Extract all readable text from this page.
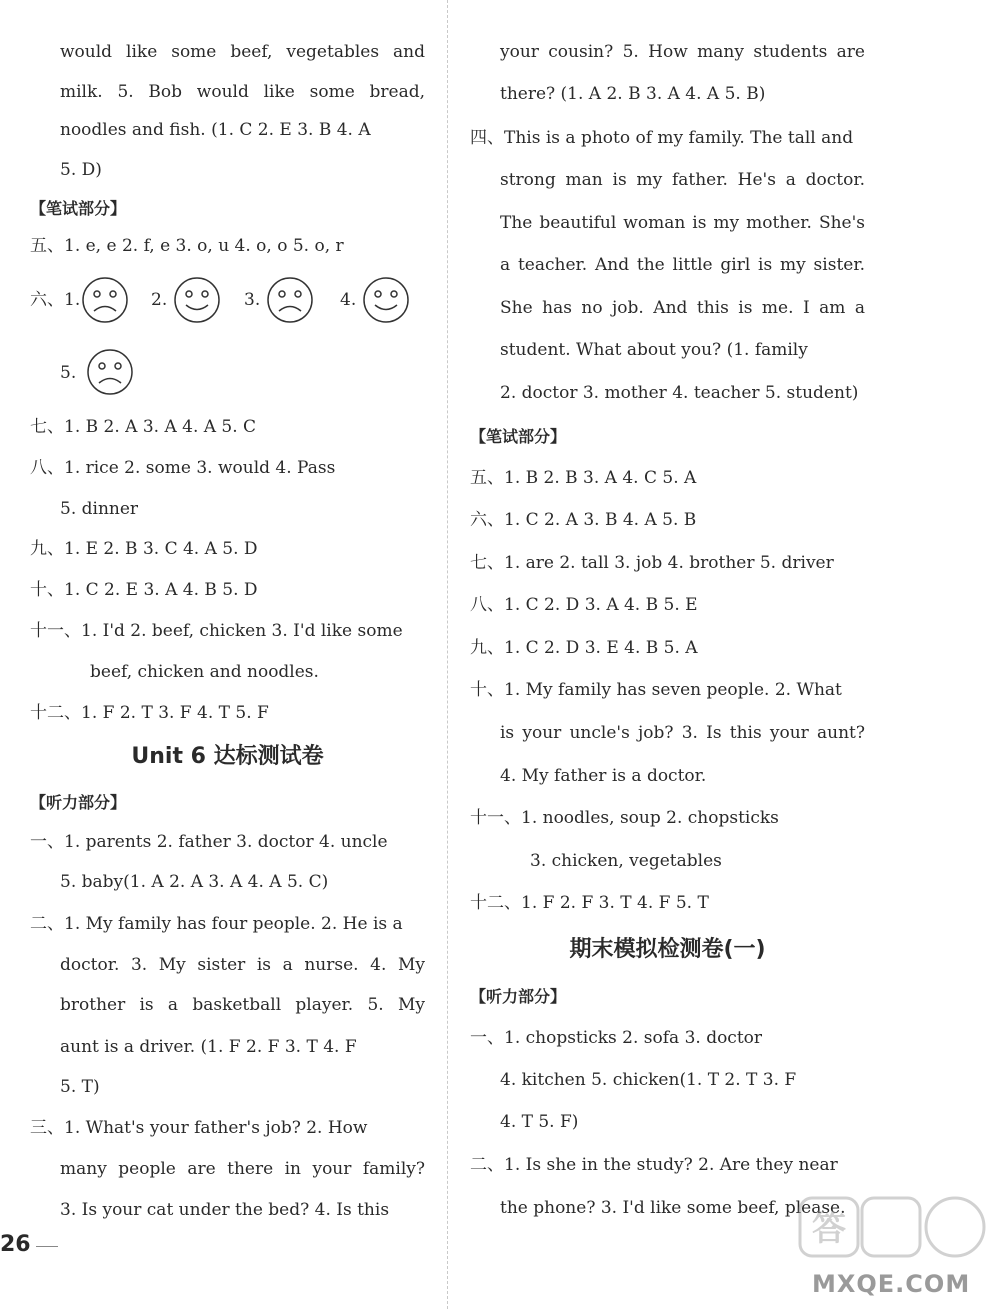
would like some beef, vegetables and
milk. 5. Bob would like some bread,
noodles and fish. (1. C 2. E 3. B 4. A
5. D)
【笔试部分】
五、1. e, e 2. f, e 3. o, u 4. o, o 5. o, r
六、1.	2.	3.	4.
5.
七、1. B 2. A 3. A 4. A 5. C
八、1. rice 2. some 3. would 4. Pass
5. dinner
九、1. E 2. B 3. C 4. A 5. D
十、1. C 2. E 3. A 4. B 5. D
十一、1. I'd 2. beef, chicken 3. I'd like some
beef, chicken and noodles.
十二、1. F 2. T 3. F 4. T 5. F
Unit 6 达标测试卷
【听力部分】
一、1. parents 2. father 3. doctor 4. uncle
5. baby(1. A 2. A 3. A 4. A 5. C)
二、1. My family has four people. 2. He is a
doctor. 3. My sister is a nurse. 4. My
brother is a basketball player. 5. My
aunt is a driver. (1. F 2. F 3. T 4. F
5. T)
三、1. What's your father's job? 2. How
many people are there in your family?
3. Is your cat under the bed? 4. Is this
your cousin? 5. How many students are
there? (1. A 2. B 3. A 4. A 5. B)
四、This is a photo of my family. The tall and
strong man is my father. He's a doctor.
The beautiful woman is my mother. She's
a teacher. And the little girl is my sister.
She has no job. And this is me. I am a
student. What about you? (1. family
2. doctor 3. mother 4. teacher 5. student)
【笔试部分】
五、1. B 2. B 3. A 4. C 5. A
六、1. C 2. A 3. B 4. A 5. B
七、1. are 2. tall 3. job 4. brother 5. driver
八、1. C 2. D 3. A 4. B 5. E
九、1. C 2. D 3. E 4. B 5. A
十、1. My family has seven people. 2. What
is your uncle's job? 3. Is this your aunt?
4. My father is a doctor.
十一、1. noodles, soup 2. chopsticks
3. chicken, vegetables
十二、1. F 2. F 3. T 4. F 5. T
期末模拟检测卷(一)
【听力部分】
一、1. chopsticks 2. sofa 3. doctor
4. kitchen 5. chicken(1. T 2. T 3. F
4. T 5. F)
二、1. Is she in the study? 2. Are they near
the phone? 3. I'd like some beef, please.
26	答
MXQE.COM
